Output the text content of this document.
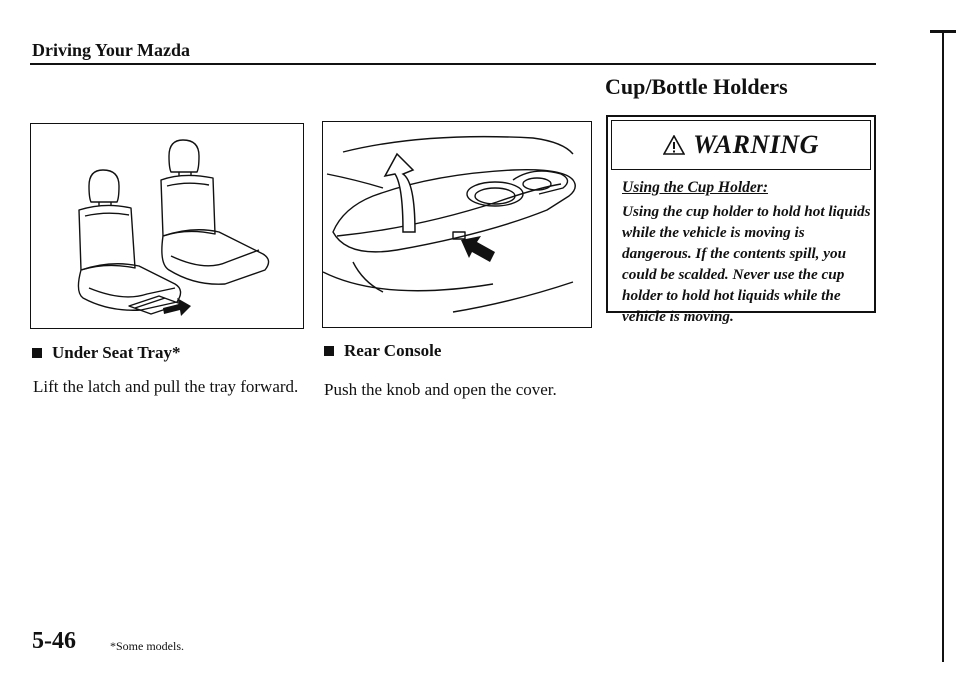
Driving Your Mazda
Cup/Bottle Holders
Under Seat Tray*	Rear Console
Lift the latch and pull the tray forward. Push the knob and open the cover.
WARNING
Using the Cup Holder:
Using the cup holder to hold hot liquids while the vehicle is moving is dangerous. If the contents spill, you could be scalded. Never use the cup holder to hold hot liquids while the vehicle is moving.
5-46	*Some models.
